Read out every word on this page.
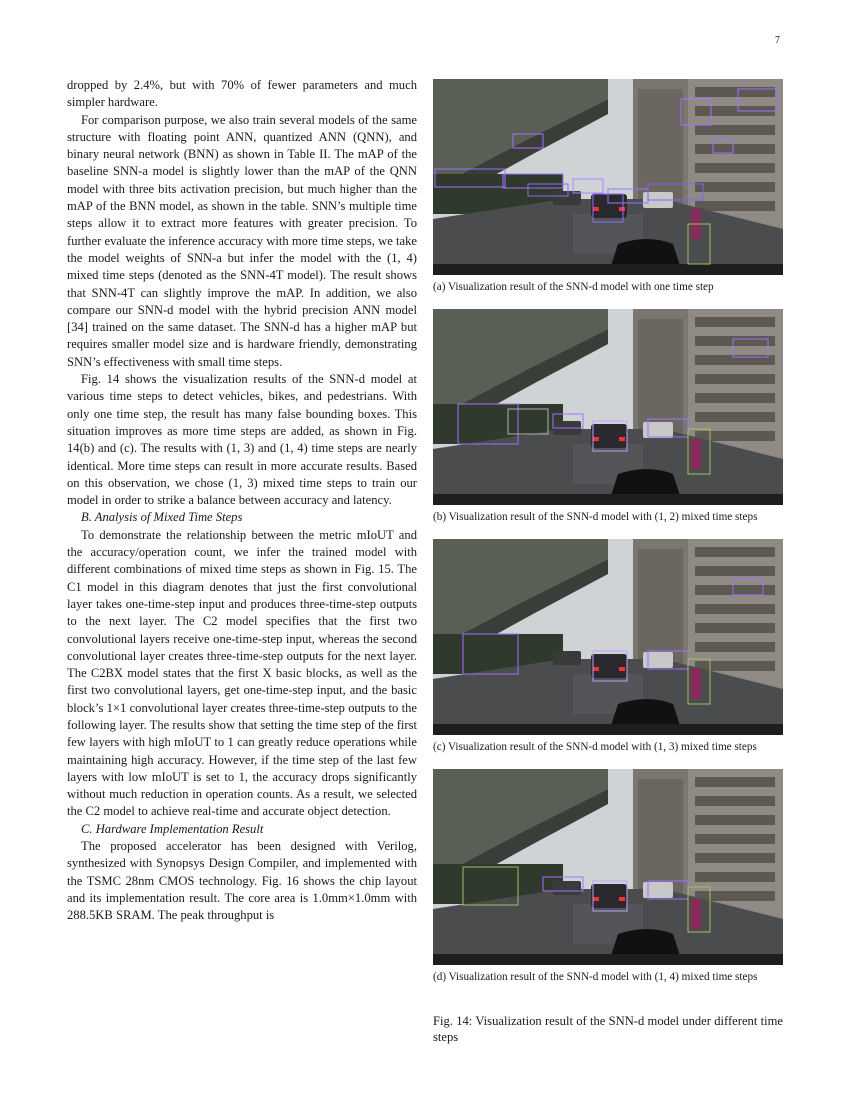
7

dropped by 2.4%, but with 70% of fewer parameters and much simpler hardware.

For comparison purpose, we also train several models of the same structure with floating point ANN, quantized ANN (QNN), and binary neural network (BNN) as shown in Table II. The mAP of the baseline SNN-a model is slightly lower than the mAP of the QNN model with three bits activation precision, but much higher than the mAP of the BNN model, as shown in the table. SNN’s multiple time steps allow it to extract more features with greater precision. To further evaluate the inference accuracy with more time steps, we take the model weights of SNN-a but infer the model with the (1, 4) mixed time steps (denoted as the SNN-4T model). The result shows that SNN-4T can slightly improve the mAP. In addition, we also compare our SNN-d model with the hybrid precision ANN model [34] trained on the same dataset. The SNN-d has a higher mAP but requires smaller model size and is hardware friendly, demonstrating SNN’s effectiveness with small time steps.

Fig. 14 shows the visualization results of the SNN-d model at various time steps to detect vehicles, bikes, and pedestrians. With only one time step, the result has many false bounding boxes. This situation improves as more time steps are added, as shown in Fig. 14(b) and (c). The results with (1, 3) and (1, 4) time steps are nearly identical. More time steps can result in more accurate results. Based on this observation, we chose (1, 3) mixed time steps to train our model in order to strike a balance between accuracy and latency.

B. Analysis of Mixed Time Steps

To demonstrate the relationship between the metric mIoUT and the accuracy/operation count, we infer the trained model with different combinations of mixed time steps as shown in Fig. 15. The C1 model in this diagram denotes that just the first convolutional layer takes one-time-step input and produces three-time-step outputs to the next layer. The C2 model specifies that the first two convolutional layers receive one-time-step input, whereas the second convolutional layer creates three-time-step outputs for the next layer. The C2BX model states that the first X basic blocks, as well as the first two convolutional layers, get one-time-step input, and the basic block’s 1×1 convolutional layer creates three-time-step outputs to the following layer. The results show that setting the time step of the first few layers with high mIoUT to 1 can greatly reduce operations while maintaining high accuracy. However, if the time step of the last few layers with low mIoUT is set to 1, the accuracy drops significantly without much reduction in operation counts. As a result, we selected the C2 model to achieve real-time and accurate object detection.

C. Hardware Implementation Result

The proposed accelerator has been designed with Verilog, synthesized with Synopsys Design Compiler, and implemented with the TSMC 28nm CMOS technology. Fig. 16 shows the chip layout and its implementation result. The core area is 1.0mm×1.0mm with 288.5KB SRAM. The peak throughput is

(a) Visualization result of the SNN-d model with one time step
(b) Visualization result of the SNN-d model with (1, 2) mixed time steps
(c) Visualization result of the SNN-d model with (1, 3) mixed time steps
(d) Visualization result of the SNN-d model with (1, 4) mixed time steps
Fig. 14: Visualization result of the SNN-d model under different time steps
